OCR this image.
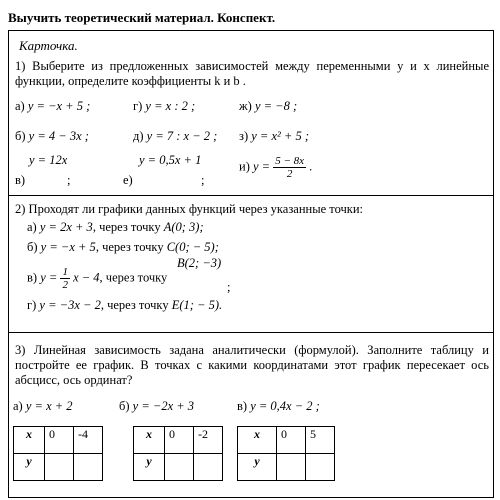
Выучить теоретический материал. Конспект.
Карточка.
1) Выберите из предложенных зависимостей между переменными y и x линейные функции, определите коэффициенты k и b .
а) y = −x + 5 ;	г) y = x : 2 ;	ж) y = −8 ;
б) y = 4 − 3x ;	д) y = 7 : x − 2 ; з) y = x² + 5 ;
y = 12x
в)	;
y = 0,5x + 1
е)	;
и) $y = \frac{5 - 8x}{2}$ .
2) Проходят ли графики данных функций через указанные точки:
а) y = 2x + 3, через точку A(0; 3);
б) y = −x + 5, через точку C(0; − 5);
B(2; −3)
в) $y = \frac{1}{2}$ x − 4, через точку
;
г) y = −3x − 2, через точку E(1; − 5).
3) Линейная зависимость задана аналитически (формулой). Заполните таблицу и постройте ее график. В точках с какими координатами этот график пересекает ось абсцисс, ось ординат?
а) y = x + 2	б) y = −2x + 3	в) y = 0,4x − 2 ;
x	0	-4
y		
x	0	-2
y		
x	0	5
y		
